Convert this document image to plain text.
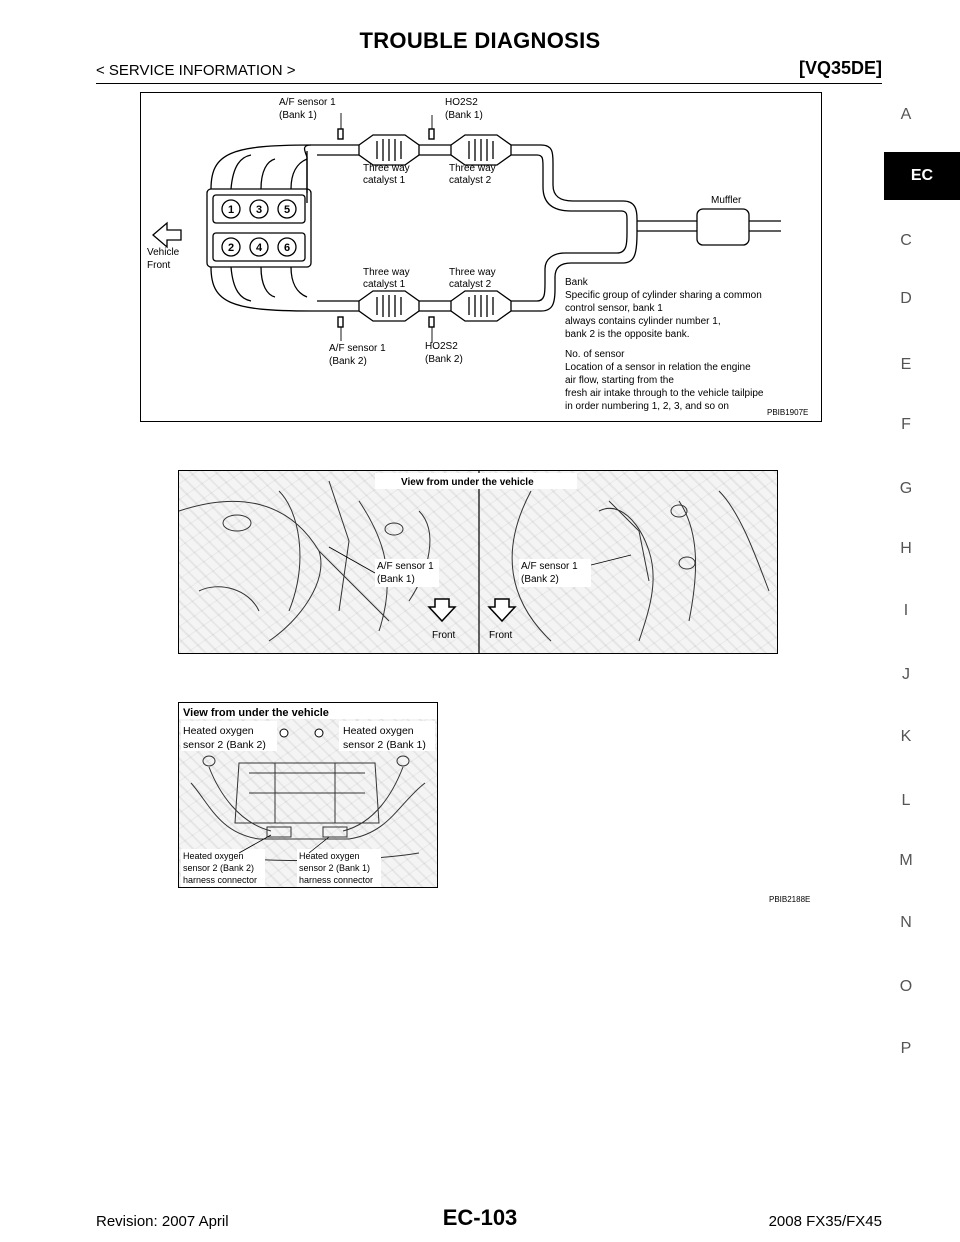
TROUBLE DIAGNOSIS
< SERVICE INFORMATION >	[VQ35DE]
A
EC
C
D
E
F
G
H
I
J
K
L
M
N
O
P
1 3 5
2 4 6
A/F sensor 1
(Bank 1)
HO2S2
(Bank 1)
Three way
catalyst 1
Three way
catalyst 2
Muffler
Vehicle
Front
Three way
catalyst 1
Three way
catalyst 2	Bank
Specific group of cylinder sharing a common
control sensor, bank 1
always contains cylinder number 1,
bank 2 is the opposite bank.
A/F sensor 1
(Bank 2)
HO2S2
(Bank 2)	No. of sensor
Location of a sensor in relation the engine
air flow, starting from the
fresh air intake through to the vehicle tailpipe
in order numbering 1, 2, 3, and so on
PBIB1907E
View from under the vehicle
A/F sensor 1
(Bank 1)
A/F sensor 1
(Bank 2)
Front	Front
View from under the vehicle
Heated oxygen
sensor 2 (Bank 2)
Heated oxygen
sensor 2 (Bank 1)
Heated oxygen
sensor 2 (Bank 2)
harness connector
Heated oxygen
sensor 2 (Bank 1)
harness connector
PBIB2188E
Revision: 2007 April	EC-103	2008 FX35/FX45
